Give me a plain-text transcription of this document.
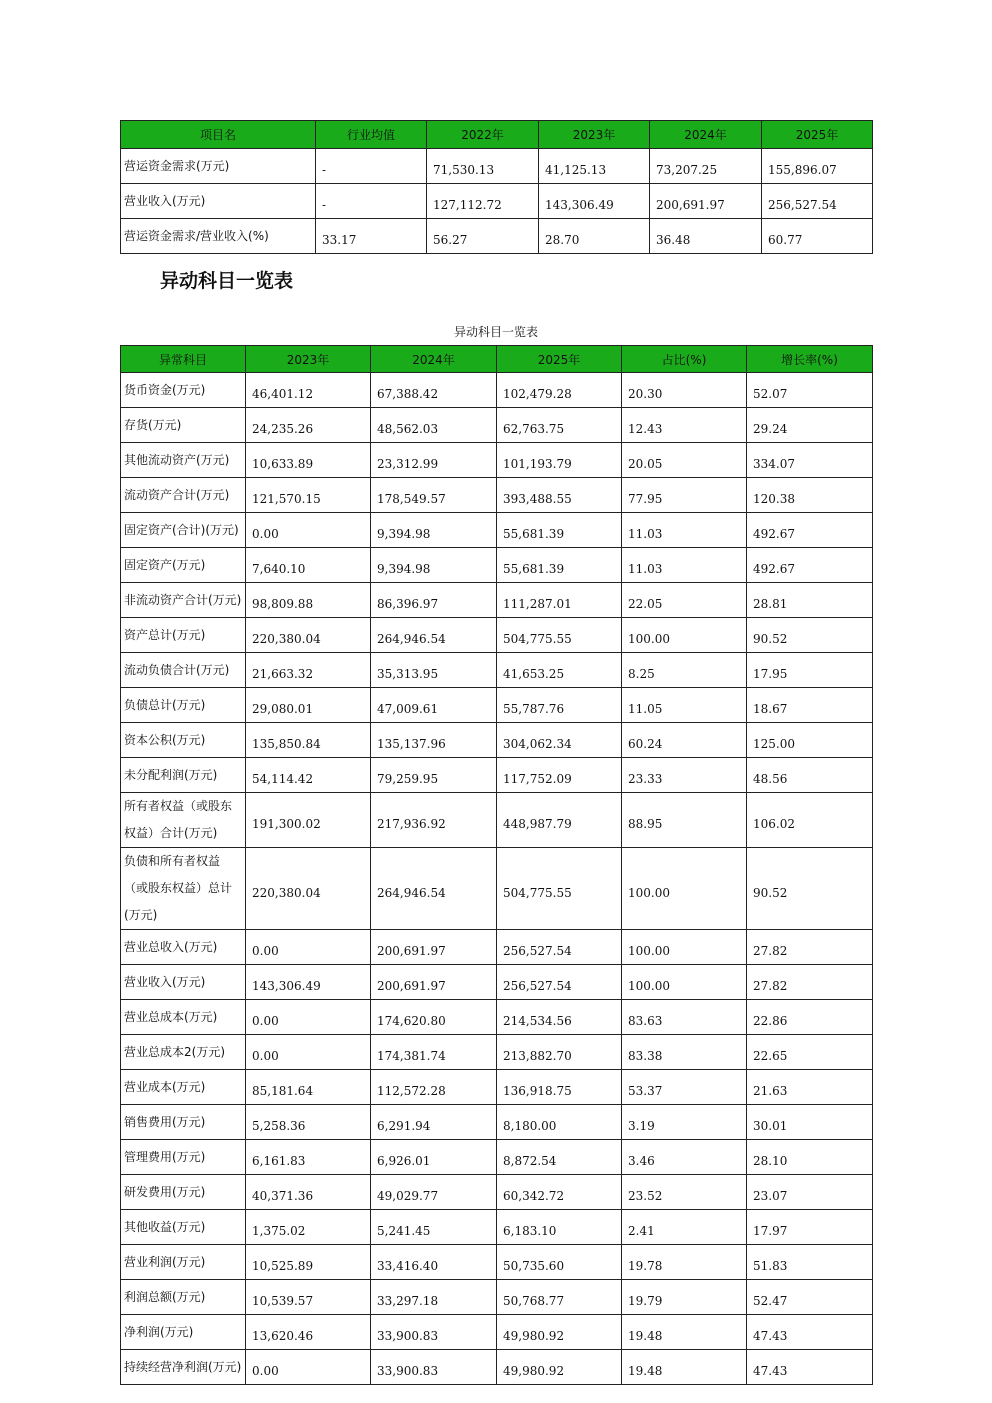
项目名	行业均值	2022年	2023年	2024年	2025年
营运资金需求(万元)	-	71,530.13	41,125.13	73,207.25	155,896.07
营业收入(万元)	-	127,112.72	143,306.49	200,691.97	256,527.54
营运资金需求/营业收入(%)	33.17	56.27	28.70	36.48	60.77
异动科目一览表
异动科目一览表
异常科目	2023年	2024年	2025年	占比(%)	增长率(%)
货币资金(万元)	46,401.12	67,388.42	102,479.28	20.30	52.07
存货(万元)	24,235.26	48,562.03	62,763.75	12.43	29.24
其他流动资产(万元)	10,633.89	23,312.99	101,193.79	20.05	334.07
流动资产合计(万元)	121,570.15	178,549.57	393,488.55	77.95	120.38
固定资产(合计)(万元)	0.00	9,394.98	55,681.39	11.03	492.67
固定资产(万元)	7,640.10	9,394.98	55,681.39	11.03	492.67
非流动资产合计(万元)	98,809.88	86,396.97	111,287.01	22.05	28.81
资产总计(万元)	220,380.04	264,946.54	504,775.55	100.00	90.52
流动负债合计(万元)	21,663.32	35,313.95	41,653.25	8.25	17.95
负债总计(万元)	29,080.01	47,009.61	55,787.76	11.05	18.67
资本公积(万元)	135,850.84	135,137.96	304,062.34	60.24	125.00
未分配利润(万元)	54,114.42	79,259.95	117,752.09	23.33	48.56
所有者权益（或股东权益）合计(万元)	191,300.02	217,936.92	448,987.79	88.95	106.02
负债和所有者权益（或股东权益）总计(万元)	220,380.04	264,946.54	504,775.55	100.00	90.52
营业总收入(万元)	0.00	200,691.97	256,527.54	100.00	27.82
营业收入(万元)	143,306.49	200,691.97	256,527.54	100.00	27.82
营业总成本(万元)	0.00	174,620.80	214,534.56	83.63	22.86
营业总成本2(万元)	0.00	174,381.74	213,882.70	83.38	22.65
营业成本(万元)	85,181.64	112,572.28	136,918.75	53.37	21.63
销售费用(万元)	5,258.36	6,291.94	8,180.00	3.19	30.01
管理费用(万元)	6,161.83	6,926.01	8,872.54	3.46	28.10
研发费用(万元)	40,371.36	49,029.77	60,342.72	23.52	23.07
其他收益(万元)	1,375.02	5,241.45	6,183.10	2.41	17.97
营业利润(万元)	10,525.89	33,416.40	50,735.60	19.78	51.83
利润总额(万元)	10,539.57	33,297.18	50,768.77	19.79	52.47
净利润(万元)	13,620.46	33,900.83	49,980.92	19.48	47.43
持续经营净利润(万元)	0.00	33,900.83	49,980.92	19.48	47.43
